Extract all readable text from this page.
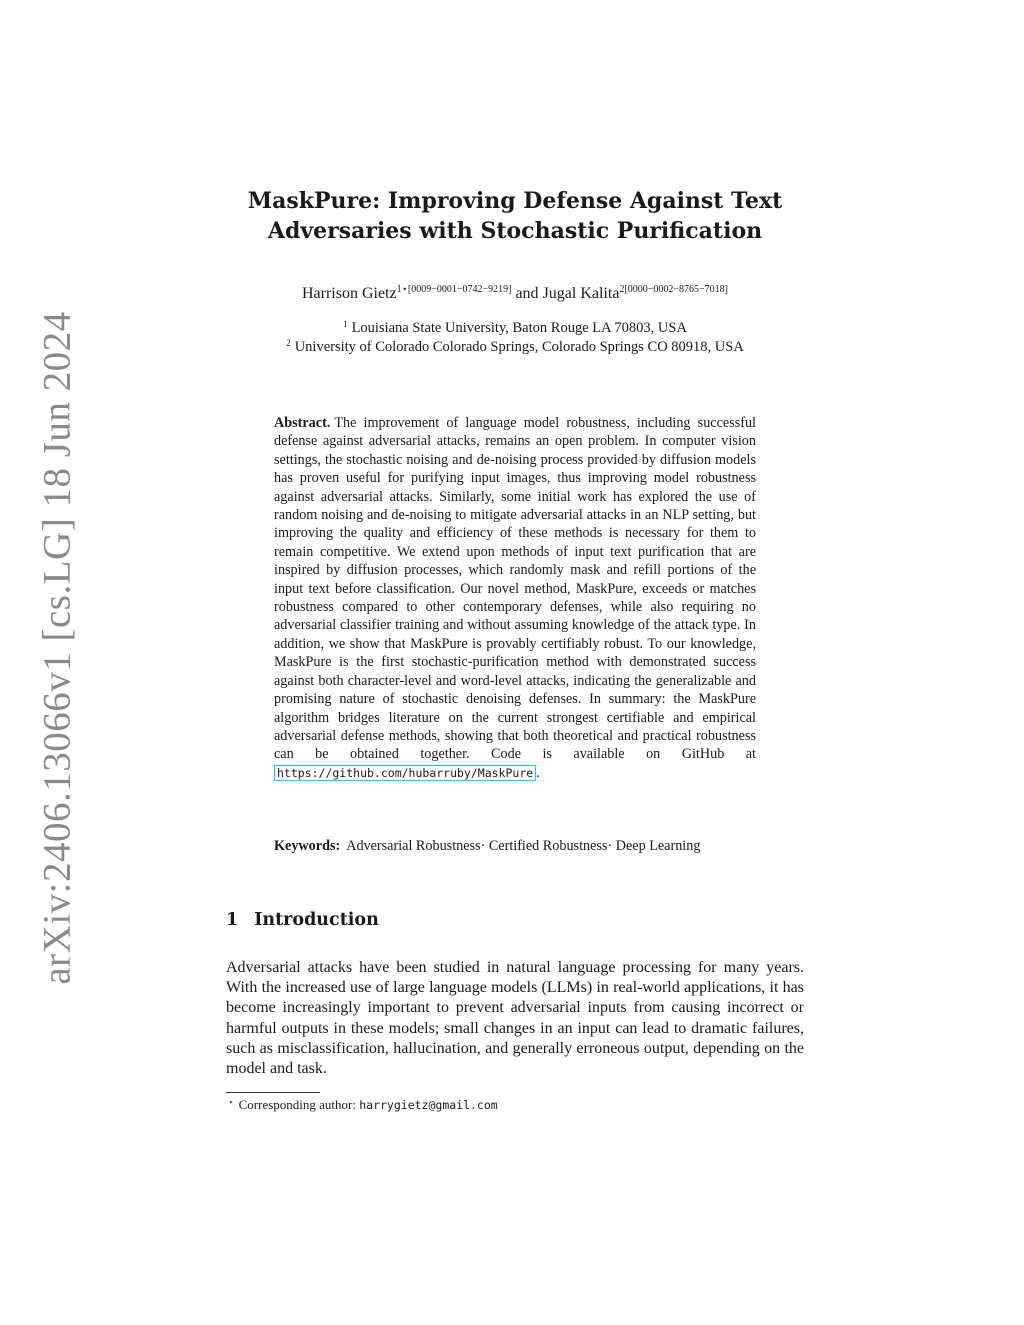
arXiv:2406.13066v1 [cs.LG] 18 Jun 2024
MaskPure: Improving Defense Against Text
Adversaries with Stochastic Purification
Harrison Gietz$^{1⋆[0009-0001-0742-9219]}$ and Jugal Kalita$^{2[0000-0002-8765-7018]}$
$^1$ Louisiana State University, Baton Rouge LA 70803, USA
$^2$ University of Colorado Colorado Springs, Colorado Springs CO 80918, USA

Abstract. The improvement of language model robustness, including successful defense against adversarial attacks, remains an open problem. In computer vision settings, the stochastic noising and de-noising process provided by diffusion models has proven useful for purifying input images, thus improving model robustness against adversarial attacks. Similarly, some initial work has explored the use of random noising and de-noising to mitigate adversarial attacks in an NLP setting, but improving the quality and efficiency of these methods is necessary for them to remain competitive. We extend upon methods of input text purification that are inspired by diffusion processes, which randomly mask and refill portions of the input text before classification. Our novel method, MaskPure, exceeds or matches robustness compared to other contemporary defenses, while also requiring no adversarial classifier training and without assuming knowledge of the attack type. In addition, we show that MaskPure is provably certifiably robust. To our knowledge, MaskPure is the first stochastic-purification method with demonstrated success against both character-level and word-level attacks, indicating the generalizable and promising nature of stochastic denoising defenses. In summary: the MaskPure algorithm bridges literature on the current strongest certifiable and empirical adversarial defense methods, showing that both theoretical and practical robustness can be obtained together. Code is available on GitHub at https://github.com/hubarruby/MaskPure .

Keywords: Adversarial Robustness· Certified Robustness· Deep Learning

1 Introduction

Adversarial attacks have been studied in natural language processing for many years. With the increased use of large language models (LLMs) in real-world applications, it has become increasingly important to prevent adversarial inputs from causing incorrect or harmful outputs in these models; small changes in an input can lead to dramatic failures, such as misclassification, hallucination, and generally erroneous output, depending on the model and task.

⋆ Corresponding author: harrygietz@gmail.com
